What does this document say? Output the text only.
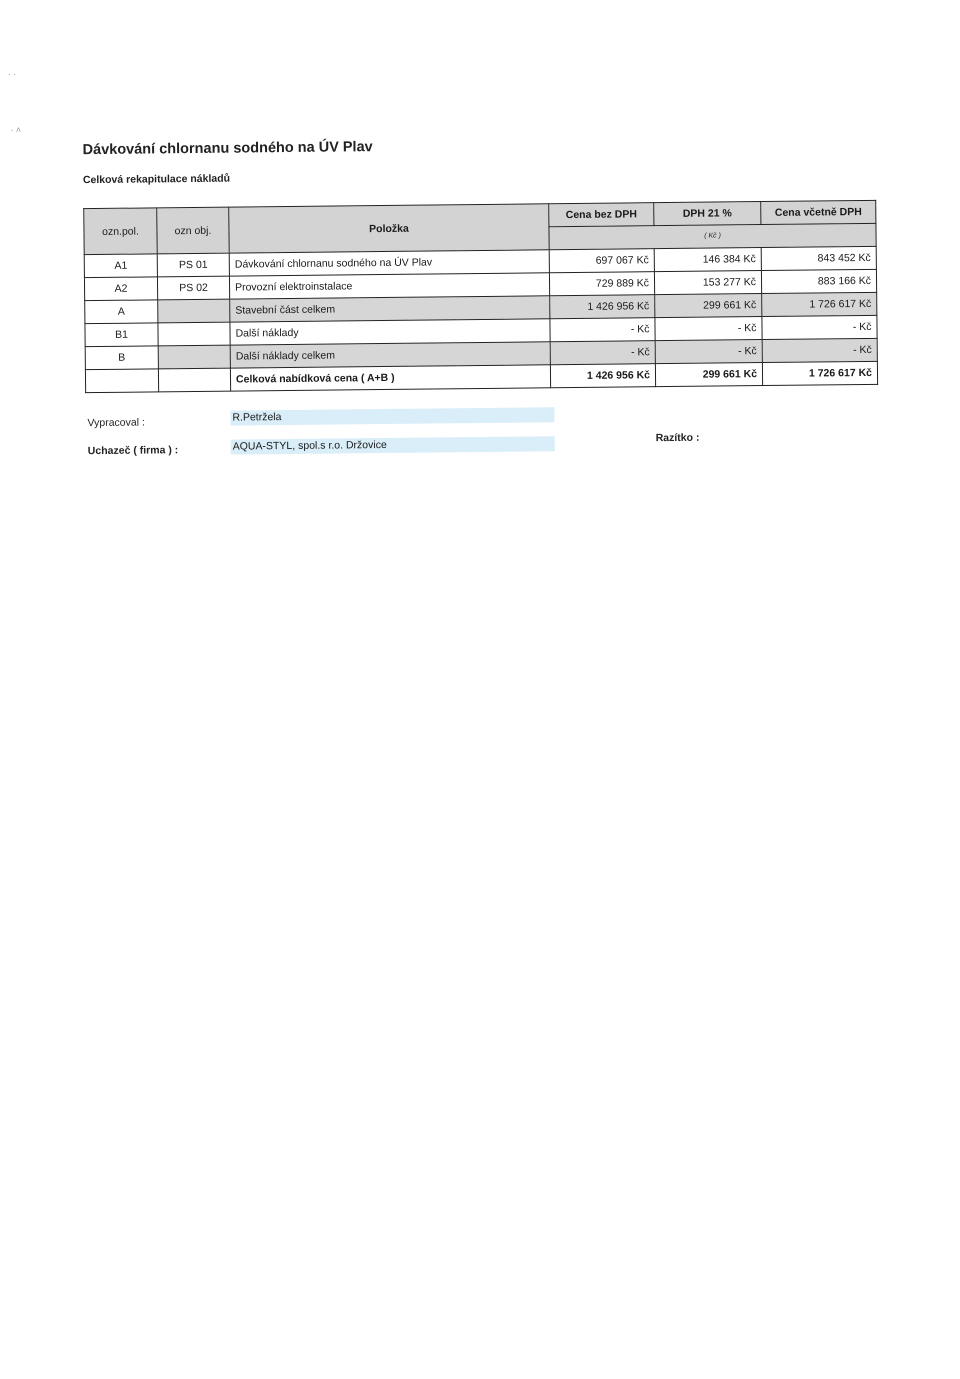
· ·
· ˄
Dávkování chlornanu sodného na ÚV Plav
Celková rekapitulace nákladů
ozn.pol.	ozn obj.	Položka	Cena bez DPH	DPH 21 %	Cena včetně DPH
			( Kč )		
A1	PS 01	Dávkování chlornanu sodného na ÚV Plav	697 067 Kč	146 384 Kč	843 452 Kč
A2	PS 02	Provozní elektroinstalace	729 889 Kč	153 277 Kč	883 166 Kč
A		Stavební část celkem	1 426 956 Kč	299 661 Kč	1 726 617 Kč
B1		Další náklady	- Kč	- Kč	- Kč
B		Další náklady celkem	- Kč	- Kč	- Kč
		Celková nabídková cena ( A+B )	1 426 956 Kč	299 661 Kč	1 726 617 Kč
Vypracoval :	R.Petržela
Uchazeč ( firma ) :	AQUA-STYL, spol.s r.o. Držovice
Razítko :
